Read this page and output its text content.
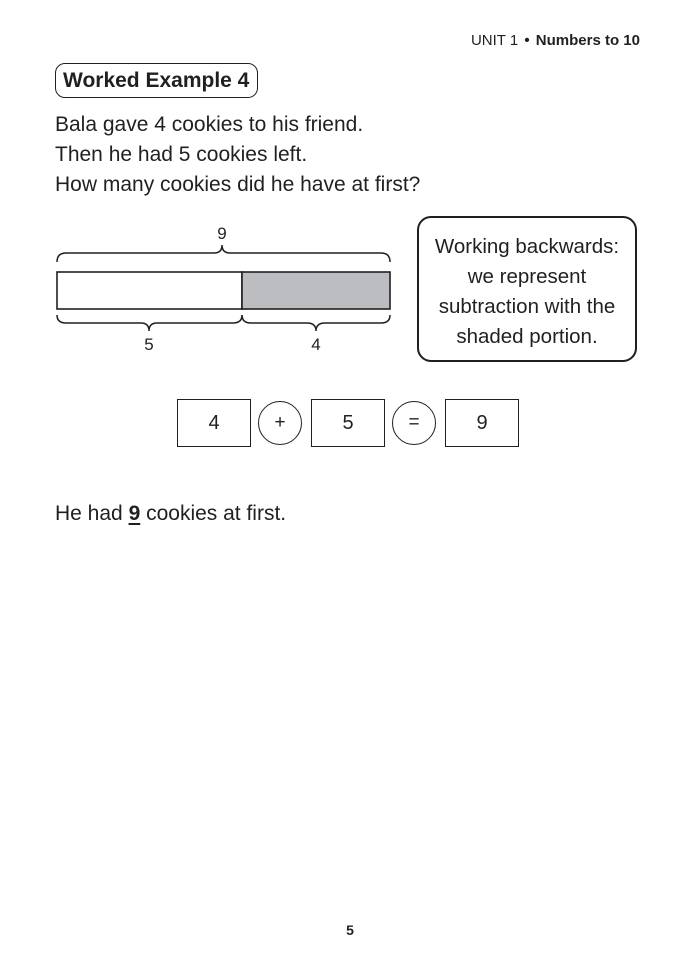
UNIT 1 • Numbers to 10
Worked Example 4
Bala gave 4 cookies to his friend.
Then he had 5 cookies left.
How many cookies did he have at first?
9
5	4
Working backwards:
we represent
subtraction with the
shaded portion.
4	+	5	=	9
He had 9 cookies at first.
5
